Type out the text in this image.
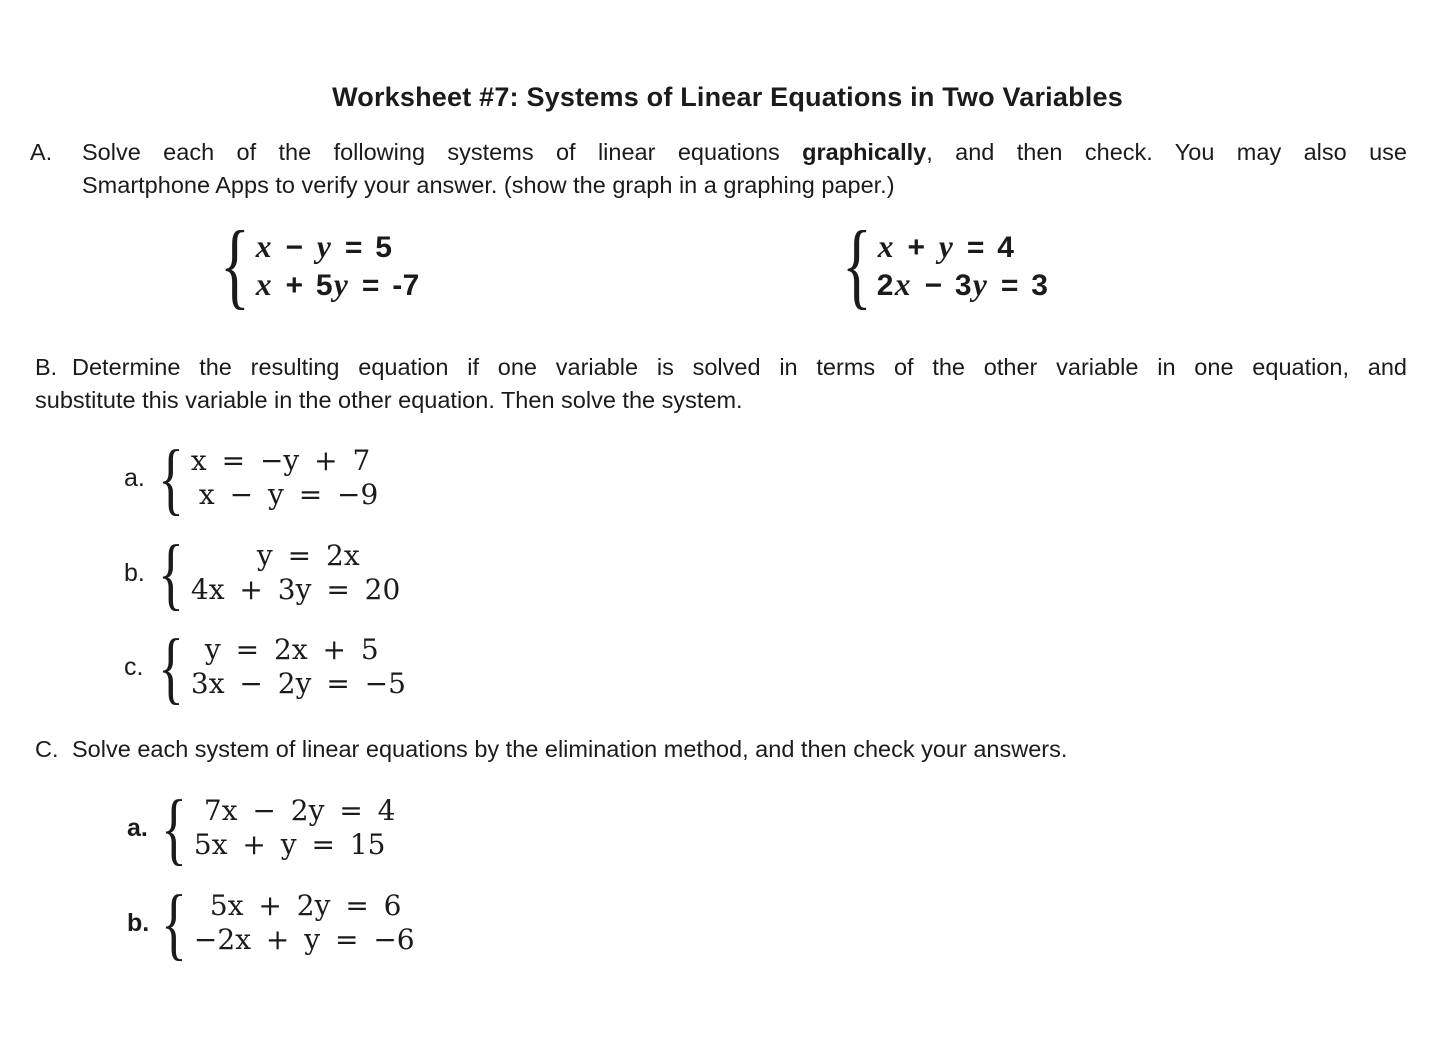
Worksheet #7: Systems of Linear Equations in Two Variables
A. Solve each of the following systems of linear equations graphically, and then check. You may also use
Smartphone Apps to verify your answer. (show the graph in a graphing paper.)
{ x − y = 5
x + 5y = -7	{ x + y = 4
2x − 3y = 3
B. Determine the resulting equation if one variable is solved in terms of the other variable in one equation, and
substitute this variable in the other equation. Then solve the system.
a. { x = −y + 7
x − y = −9
b. {	y = 2x
4x + 3y = 20
c. { y = 2x + 5
3x − 2y = −5
C. Solve each system of linear equations by the elimination method, and then check your answers.
a. { 7x − 2y = 4
5x + y = 15
b. { 5x + 2y = 6
−2x + y = −6
